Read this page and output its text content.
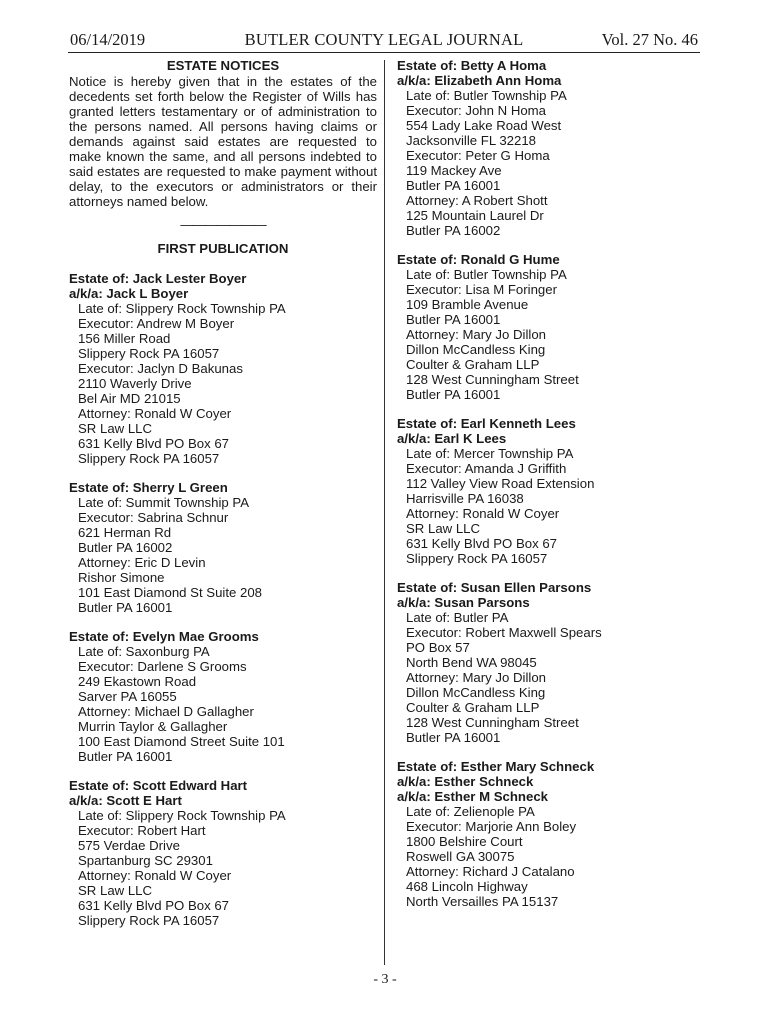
06/14/2019	BUTLER COUNTY LEGAL JOURNAL	Vol. 27 No. 46
ESTATE NOTICES

Notice is hereby given that in the estates of the decedents set forth below the Register of Wills has granted letters testamentary or of administration to the persons named. All persons having claims or demands against said estates are requested to make known the same, and all persons indebted to said estates are requested to make payment without delay, to the executors or administrators or their attorneys named below.

———————
FIRST PUBLICATION
Estate of: Jack Lester Boyer
a/k/a: Jack L Boyer
Late of: Slippery Rock Township PA
Executor: Andrew M Boyer
156 Miller Road
Slippery Rock PA 16057
Executor: Jaclyn D Bakunas
2110 Waverly Drive
Bel Air MD 21015
Attorney: Ronald W Coyer
SR Law LLC
631 Kelly Blvd PO Box 67
Slippery Rock PA 16057
Estate of: Sherry L Green
Late of: Summit Township PA
Executor: Sabrina Schnur
621 Herman Rd
Butler PA 16002
Attorney: Eric D Levin
Rishor Simone
101 East Diamond St Suite 208
Butler PA 16001
Estate of: Evelyn Mae Grooms
Late of: Saxonburg PA
Executor: Darlene S Grooms
249 Ekastown Road
Sarver PA 16055
Attorney: Michael D Gallagher
Murrin Taylor & Gallagher
100 East Diamond Street Suite 101
Butler PA 16001
Estate of: Scott Edward Hart
a/k/a: Scott E Hart
Late of: Slippery Rock Township PA
Executor: Robert Hart
575 Verdae Drive
Spartanburg SC 29301
Attorney: Ronald W Coyer
SR Law LLC
631 Kelly Blvd PO Box 67
Slippery Rock PA 16057
Estate of: Betty A Homa
a/k/a: Elizabeth Ann Homa
Late of: Butler Township PA
Executor: John N Homa
554 Lady Lake Road West
Jacksonville FL 32218
Executor: Peter G Homa
119 Mackey Ave
Butler PA 16001
Attorney: A Robert Shott
125 Mountain Laurel Dr
Butler PA 16002
Estate of: Ronald G Hume
Late of: Butler Township PA
Executor: Lisa M Foringer
109 Bramble Avenue
Butler PA 16001
Attorney: Mary Jo Dillon
Dillon McCandless King
Coulter & Graham LLP
128 West Cunningham Street
Butler PA 16001
Estate of: Earl Kenneth Lees
a/k/a: Earl K Lees
Late of: Mercer Township PA
Executor: Amanda J Griffith
112 Valley View Road Extension
Harrisville PA 16038
Attorney: Ronald W Coyer
SR Law LLC
631 Kelly Blvd PO Box 67
Slippery Rock PA 16057
Estate of: Susan Ellen Parsons
a/k/a: Susan Parsons
Late of: Butler PA
Executor: Robert Maxwell Spears
PO Box 57
North Bend WA 98045
Attorney: Mary Jo Dillon
Dillon McCandless King
Coulter & Graham LLP
128 West Cunningham Street
Butler PA 16001
Estate of: Esther Mary Schneck
a/k/a: Esther Schneck
a/k/a: Esther M Schneck
Late of: Zelienople PA
Executor: Marjorie Ann Boley
1800 Belshire Court
Roswell GA 30075
Attorney: Richard J Catalano
468 Lincoln Highway
North Versailles PA 15137
- 3 -
